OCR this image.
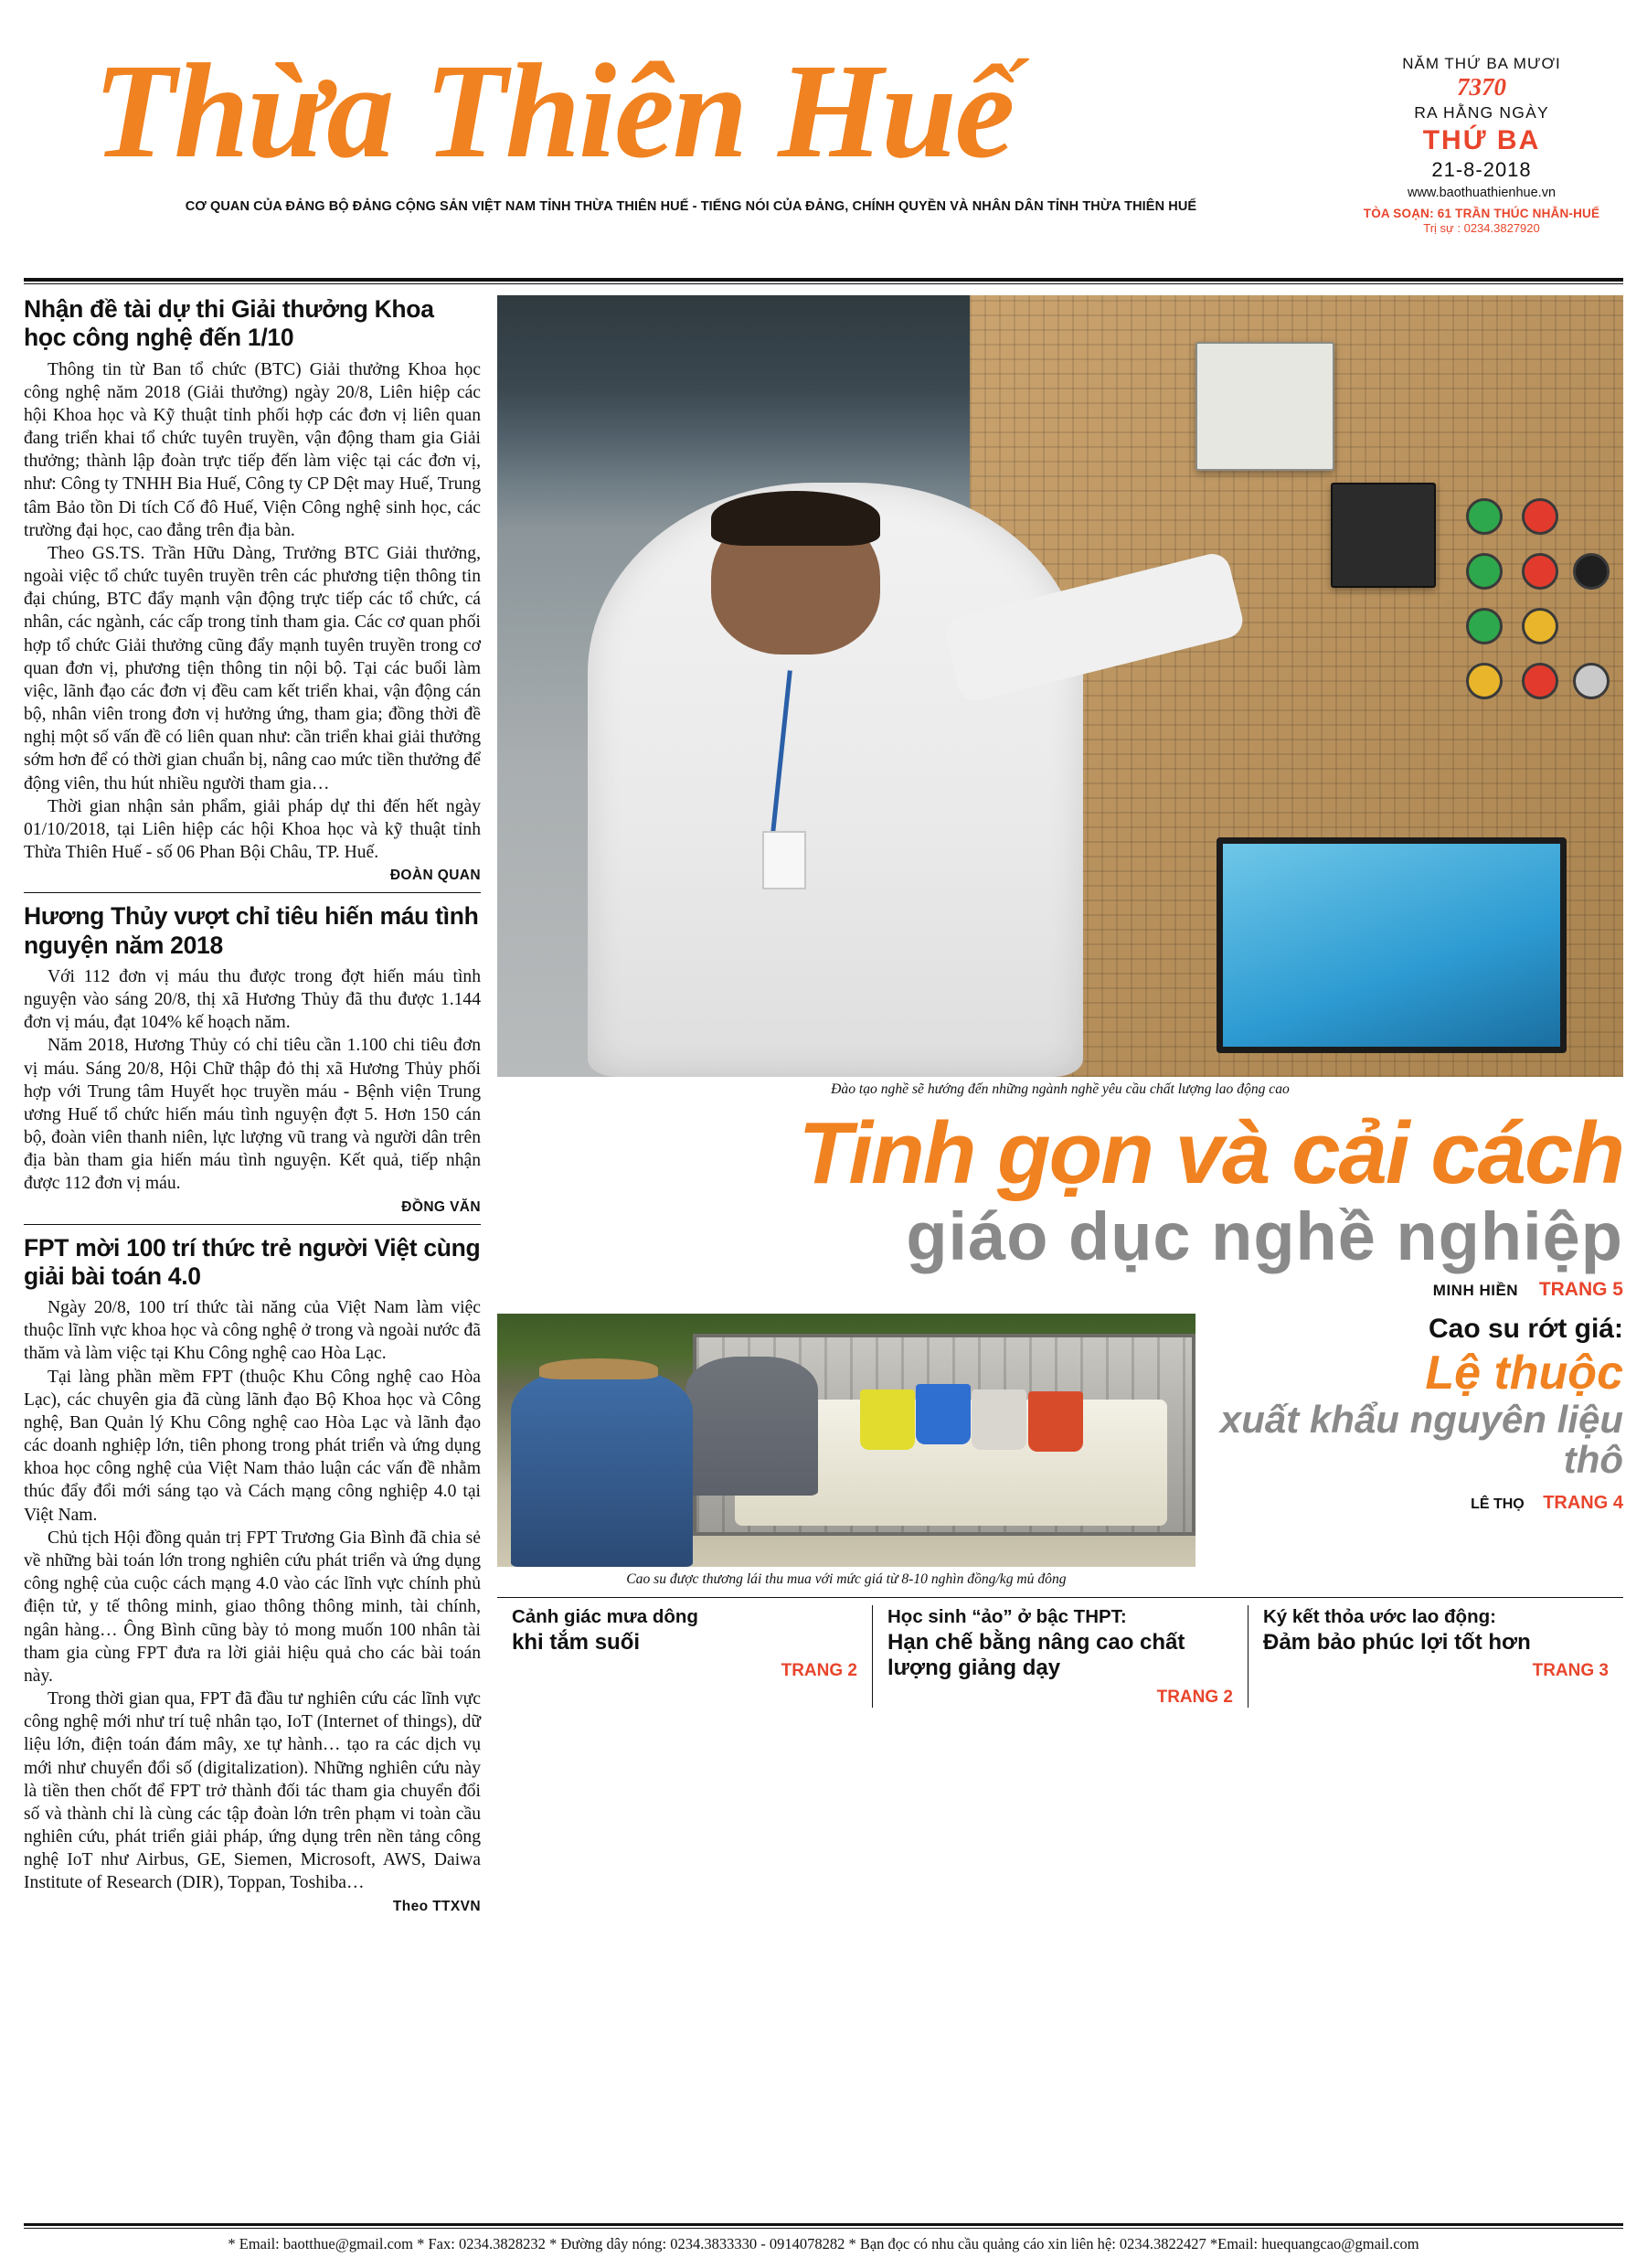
Thừa Thiên Huế
CƠ QUAN CỦA ĐẢNG BỘ ĐẢNG CỘNG SẢN VIỆT NAM TỈNH THỪA THIÊN HUẾ - TIẾNG NÓI CỦA ĐẢNG, CHÍNH QUYỀN VÀ NHÂN DÂN TỈNH THỪA THIÊN HUẾ
NĂM THỨ BA MƯƠI
7370
RA HẰNG NGÀY
THỨ BA
21-8-2018
www.baothuathienhue.vn
TÒA SOẠN: 61 TRẦN THÚC NHẪN-HUẾ
Trị sự : 0234.3827920
Nhận đề tài dự thi Giải thưởng Khoa học công nghệ đến 1/10

Thông tin từ Ban tổ chức (BTC) Giải thưởng Khoa học công nghệ năm 2018 (Giải thưởng) ngày 20/8, Liên hiệp các hội Khoa học và Kỹ thuật tỉnh phối hợp các đơn vị liên quan đang triển khai tổ chức tuyên truyền, vận động tham gia Giải thưởng; thành lập đoàn trực tiếp đến làm việc tại các đơn vị, như: Công ty TNHH Bia Huế, Công ty CP Dệt may Huế, Trung tâm Bảo tồn Di tích Cố đô Huế, Viện Công nghệ sinh học, các trường đại học, cao đẳng trên địa bàn.

Theo GS.TS. Trần Hữu Dàng, Trưởng BTC Giải thưởng, ngoài việc tổ chức tuyên truyền trên các phương tiện thông tin đại chúng, BTC đẩy mạnh vận động trực tiếp các tổ chức, cá nhân, các ngành, các cấp trong tỉnh tham gia. Các cơ quan phối hợp tổ chức Giải thưởng cũng đẩy mạnh tuyên truyền trong cơ quan đơn vị, phương tiện thông tin nội bộ. Tại các buổi làm việc, lãnh đạo các đơn vị đều cam kết triển khai, vận động cán bộ, nhân viên trong đơn vị hưởng ứng, tham gia; đồng thời đề nghị một số vấn đề có liên quan như: cần triển khai giải thưởng sớm hơn để có thời gian chuẩn bị, nâng cao mức tiền thưởng để động viên, thu hút nhiều người tham gia…

Thời gian nhận sản phẩm, giải pháp dự thi đến hết ngày 01/10/2018, tại Liên hiệp các hội Khoa học và kỹ thuật tỉnh Thừa Thiên Huế - số 06 Phan Bội Châu, TP. Huế.

ĐOÀN QUAN

Hương Thủy vượt chỉ tiêu hiến máu tình nguyện năm 2018

Với 112 đơn vị máu thu được trong đợt hiến máu tình nguyện vào sáng 20/8, thị xã Hương Thủy đã thu được 1.144 đơn vị máu, đạt 104% kế hoạch năm.

Năm 2018, Hương Thủy có chỉ tiêu cần 1.100 chi tiêu đơn vị máu. Sáng 20/8, Hội Chữ thập đỏ thị xã Hương Thủy phối hợp với Trung tâm Huyết học truyền máu - Bệnh viện Trung ương Huế tổ chức hiến máu tình nguyện đợt 5. Hơn 150 cán bộ, đoàn viên thanh niên, lực lượng vũ trang và người dân trên địa bàn tham gia hiến máu tình nguyện. Kết quả, tiếp nhận được 112 đơn vị máu.

ĐỒNG VĂN

FPT mời 100 trí thức trẻ người Việt cùng giải bài toán 4.0

Ngày 20/8, 100 trí thức tài năng của Việt Nam làm việc thuộc lĩnh vực khoa học và công nghệ ở trong và ngoài nước đã thăm và làm việc tại Khu Công nghệ cao Hòa Lạc.

Tại làng phần mềm FPT (thuộc Khu Công nghệ cao Hòa Lạc), các chuyên gia đã cùng lãnh đạo Bộ Khoa học và Công nghệ, Ban Quản lý Khu Công nghệ cao Hòa Lạc và lãnh đạo các doanh nghiệp lớn, tiên phong trong phát triển và ứng dụng khoa học công nghệ của Việt Nam thảo luận các vấn đề nhằm thúc đẩy đổi mới sáng tạo và Cách mạng công nghiệp 4.0 tại Việt Nam.

Chủ tịch Hội đồng quản trị FPT Trương Gia Bình đã chia sẻ về những bài toán lớn trong nghiên cứu phát triển và ứng dụng công nghệ của cuộc cách mạng 4.0 vào các lĩnh vực chính phủ điện tử, y tế thông minh, giao thông thông minh, tài chính, ngân hàng… Ông Bình cũng bày tỏ mong muốn 100 nhân tài tham gia cùng FPT đưa ra lời giải hiệu quả cho các bài toán này.

Trong thời gian qua, FPT đã đầu tư nghiên cứu các lĩnh vực công nghệ mới như trí tuệ nhân tạo, IoT (Internet of things), dữ liệu lớn, điện toán đám mây, xe tự hành… tạo ra các dịch vụ mới như chuyển đổi số (digitalization). Những nghiên cứu này là tiền then chốt để FPT trở thành đối tác tham gia chuyển đổi số và thành chỉ là cùng các tập đoàn lớn trên phạm vi toàn cầu nghiên cứu, phát triển giải pháp, ứng dụng trên nền tảng công nghệ IoT như Airbus, GE, Siemen, Microsoft, AWS, Daiwa Institute of Research (DIR), Toppan, Toshiba…

Theo TTXVN

Đào tạo nghề sẽ hướng đến những ngành nghề yêu cầu chất lượng lao động cao
Tinh gọn và cải cách
giáo dục nghề nghiệp
MINH HIỀN TRANG 5
Cao su được thương lái thu mua với mức giá từ 8-10 nghìn đồng/kg mủ đông
Cao su rớt giá:
Lệ thuộc
xuất khẩu nguyên liệu thô
LÊ THỌ TRANG 4
Cảnh giác mưa dông
khi tắm suối
TRANG 2
Học sinh “ảo” ở bậc THPT:
Hạn chế bằng nâng cao chất lượng giảng dạy
TRANG 2
Ký kết thỏa ước lao động:
Đảm bảo phúc lợi tốt hơn
TRANG 3
* Email: baotthue@gmail.com * Fax: 0234.3828232 * Đường dây nóng: 0234.3833330 - 0914078282 * Bạn đọc có nhu cầu quảng cáo xin liên hệ: 0234.3822427 *Email: huequangcao@gmail.com
